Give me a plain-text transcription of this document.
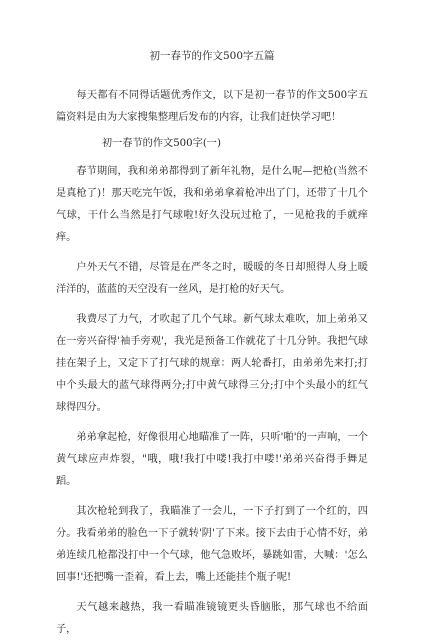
初一春节的作文500字五篇
每天都有不同得话题优秀作文，以下是初一春节的作文500字五篇资料是由为大家搜集整理后发布的内容，让我们赶快学习吧！
初一春节的作文500字(一)
春节期间，我和弟弟都得到了新年礼物，是什么呢—把枪(当然不是真枪了)！那天吃完午饭，我和弟弟拿着枪冲出了门，还带了十几个气球，干什么当然是打气球啦!好久没玩过枪了，一见枪我的手就痒痒。
户外天气不错，尽管是在严冬之时，暖暖的冬日却照得人身上暖洋洋的，蓝蓝的天空没有一丝风，是打枪的好天气。
我费尽了力气，才吹起了几个气球。新气球太难吹，加上弟弟又在一旁兴奋得'袖手旁观'，我光是预备工作就花了十几分钟。我把气球挂在架子上，又定下了打气球的规章：两人轮番打，由弟弟先来打;打中个头最大的蓝气球得两分;打中黄气球得三分;打中个头最小的红气球得四分。
弟弟拿起枪，好像很用心地瞄准了一阵，只听'啪'的一声响，一个黄气球应声炸裂，"哦，哦!我打中喽!我打中喽!'弟弟兴奋得手舞足蹈。
其次枪轮到我了，我瞄准了一会儿，一下子打到了一个红的，四分。我看弟弟的脸色一下子就转'阴'了下来。接下去由于心情不好，弟弟连续几枪都没打中一个气球，他气急败坏，暴跳如雷，大喊：'怎么回事!'还把嘴一歪着，看上去，嘴上还能挂个瓶子呢!
天气越来越热，我一看瞄准镜镜更头昏脑胀，那气球也不给面子，
